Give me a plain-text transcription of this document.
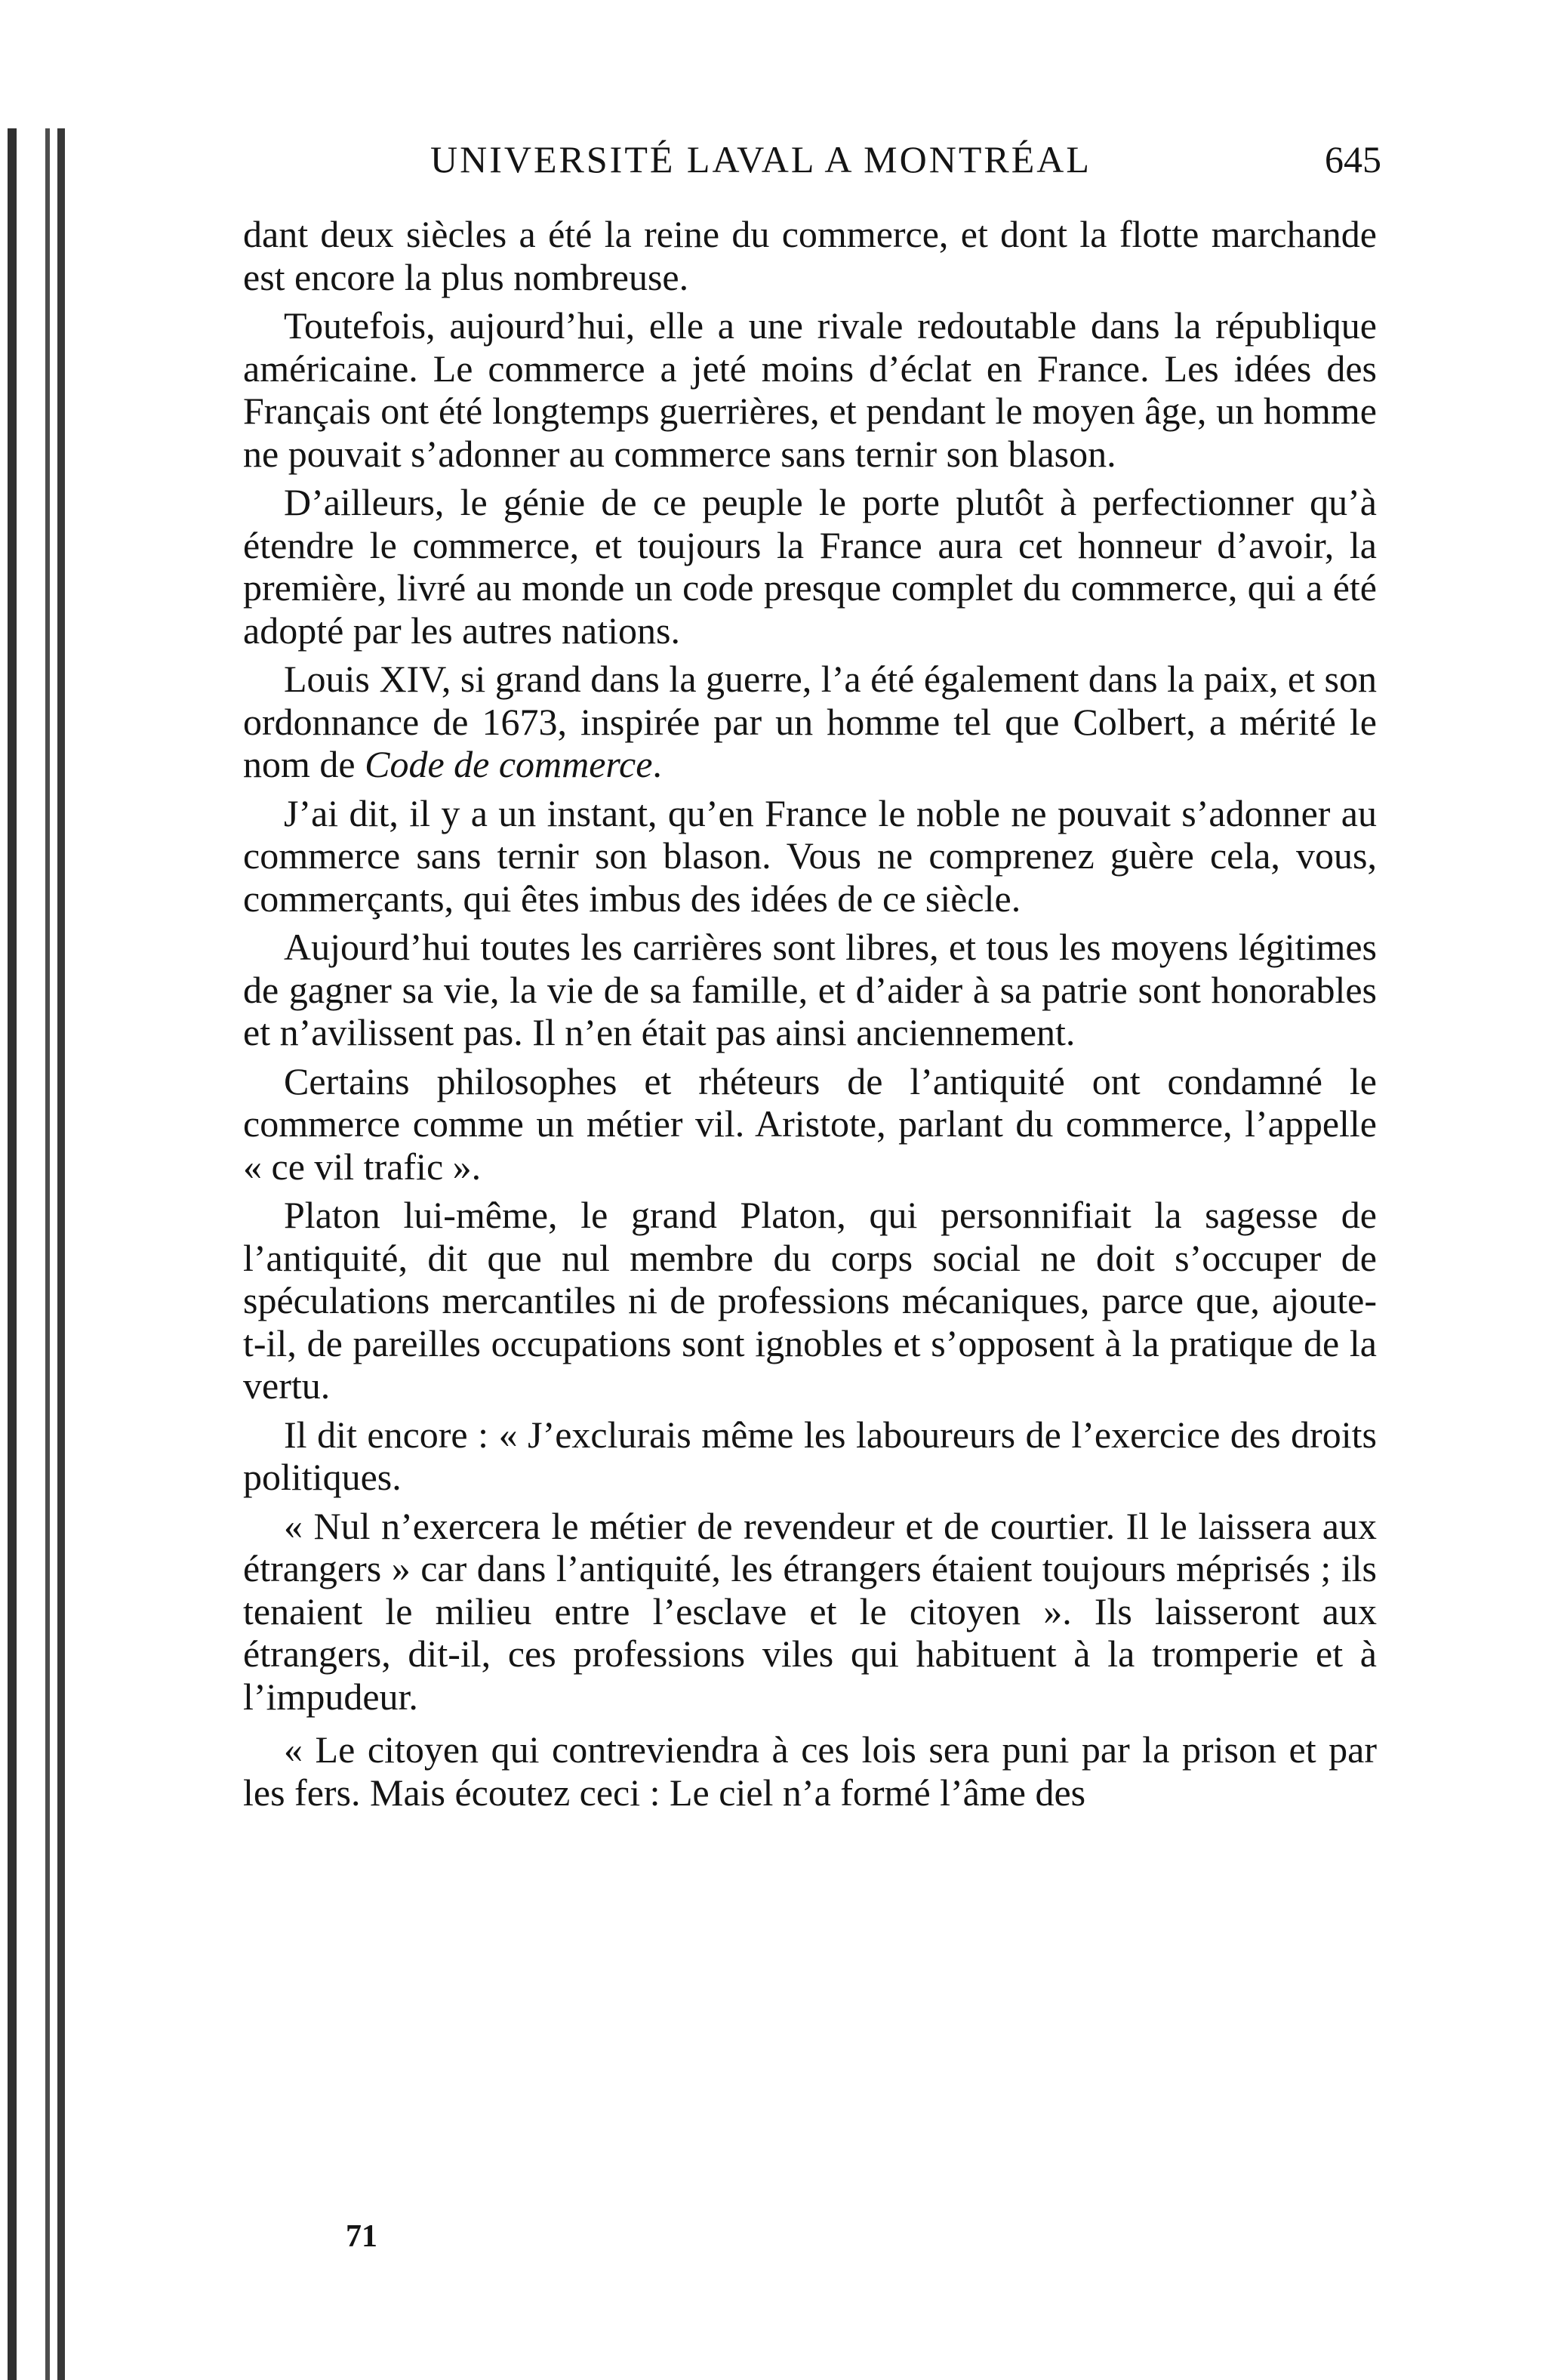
UNIVERSITÉ LAVAL A MONTRÉAL	645

dant deux siècles a été la reine du commerce, et dont la flotte marchande est encore la plus nombreuse.

Toutefois, aujourd’hui, elle a une rivale redoutable dans la république américaine. Le commerce a jeté moins d’éclat en France. Les idées des Français ont été longtemps guerrières, et pendant le moyen âge, un homme ne pouvait s’adonner au commerce sans ternir son blason.

D’ailleurs, le génie de ce peuple le porte plutôt à perfectionner qu’à étendre le commerce, et toujours la France aura cet honneur d’avoir, la première, livré au monde un code presque complet du commerce, qui a été adopté par les autres nations.

Louis XIV, si grand dans la guerre, l’a été également dans la paix, et son ordonnance de 1673, inspirée par un homme tel que Colbert, a mérité le nom de Code de commerce.

J’ai dit, il y a un instant, qu’en France le noble ne pouvait s’adonner au commerce sans ternir son blason. Vous ne comprenez guère cela, vous, commerçants, qui êtes imbus des idées de ce siècle.

Aujourd’hui toutes les carrières sont libres, et tous les moyens légitimes de gagner sa vie, la vie de sa famille, et d’aider à sa patrie sont honorables et n’avilissent pas. Il n’en était pas ainsi anciennement.

Certains philosophes et rhéteurs de l’antiquité ont condamné le commerce comme un métier vil. Aristote, parlant du commerce, l’appelle « ce vil trafic ».

Platon lui-même, le grand Platon, qui personnifiait la sagesse de l’antiquité, dit que nul membre du corps social ne doit s’occuper de spéculations mercantiles ni de professions mécaniques, parce que, ajoute-t-il, de pareilles occupations sont ignobles et s’opposent à la pratique de la vertu.

Il dit encore : « J’exclurais même les laboureurs de l’exercice des droits politiques.

« Nul n’exercera le métier de revendeur et de courtier. Il le laissera aux étrangers » car dans l’antiquité, les étrangers étaient toujours méprisés ; ils tenaient le milieu entre l’esclave et le citoyen ». Ils laisseront aux étrangers, dit-il, ces professions viles qui habituent à la tromperie et à l’impudeur.

« Le citoyen qui contreviendra à ces lois sera puni par la prison et par les fers. Mais écoutez ceci : Le ciel n’a formé l’âme des

71
